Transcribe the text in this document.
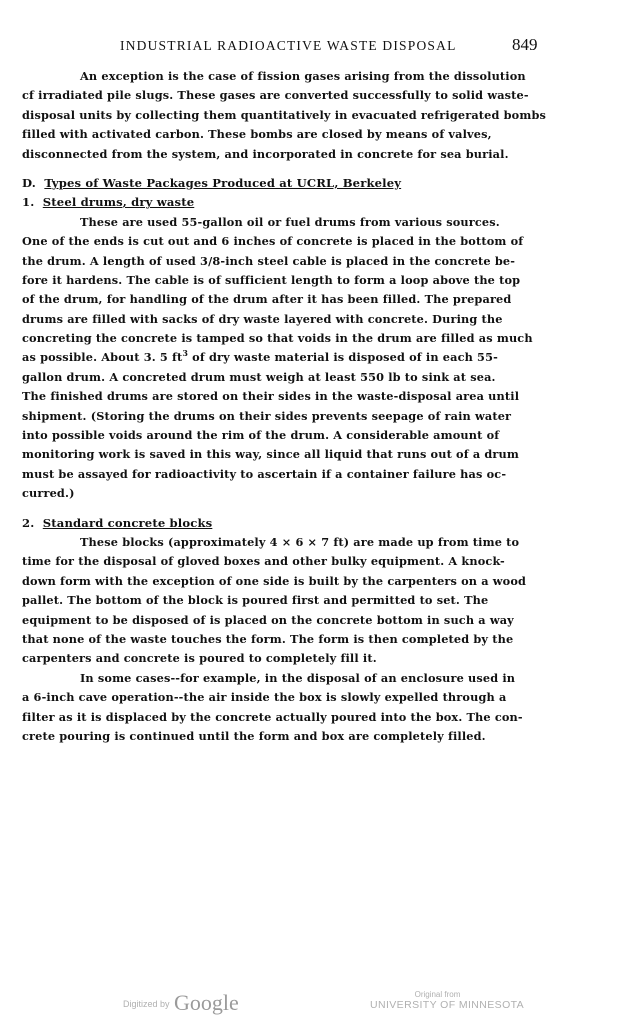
INDUSTRIAL RADIOACTIVE WASTE DISPOSAL	849
An exception is the case of fission gases arising from the dissolution
cf irradiated pile slugs. These gases are converted successfully to solid waste-
disposal units by collecting them quantitatively in evacuated refrigerated bombs
filled with activated carbon. These bombs are closed by means of valves,
disconnected from the system, and incorporated in concrete for sea burial.
D. Types of Waste Packages Produced at UCRL, Berkeley
1. Steel drums, dry waste
These are used 55-gallon oil or fuel drums from various sources.
One of the ends is cut out and 6 inches of concrete is placed in the bottom of
the drum. A length of used 3/8-inch steel cable is placed in the concrete be-
fore it hardens. The cable is of sufficient length to form a loop above the top
of the drum, for handling of the drum after it has been filled. The prepared
drums are filled with sacks of dry waste layered with concrete. During the
concreting the concrete is tamped so that voids in the drum are filled as much
as possible. About 3. 5 $ft^3$ of dry waste material is disposed of in each 55-
gallon drum. A concreted drum must weigh at least 550 lb to sink at sea.
The finished drums are stored on their sides in the waste-disposal area until
shipment. (Storing the drums on their sides prevents seepage of rain water
into possible voids around the rim of the drum. A considerable amount of
monitoring work is saved in this way, since all liquid that runs out of a drum
must be assayed for radioactivity to ascertain if a container failure has oc-
curred.)
2. Standard concrete blocks
These blocks (approximately 4 × 6 × 7 ft) are made up from time to
time for the disposal of gloved boxes and other bulky equipment. A knock-
down form with the exception of one side is built by the carpenters on a wood
pallet. The bottom of the block is poured first and permitted to set. The
equipment to be disposed of is placed on the concrete bottom in such a way
that none of the waste touches the form. The form is then completed by the
carpenters and concrete is poured to completely fill it.
In some cases--for example, in the disposal of an enclosure used in
a 6-inch cave operation--the air inside the box is slowly expelled through a
filter as it is displaced by the concrete actually poured into the box. The con-
crete pouring is continued until the form and box are completely filled.
Digitized by Google	Original from
UNIVERSITY OF MINNESOTA
